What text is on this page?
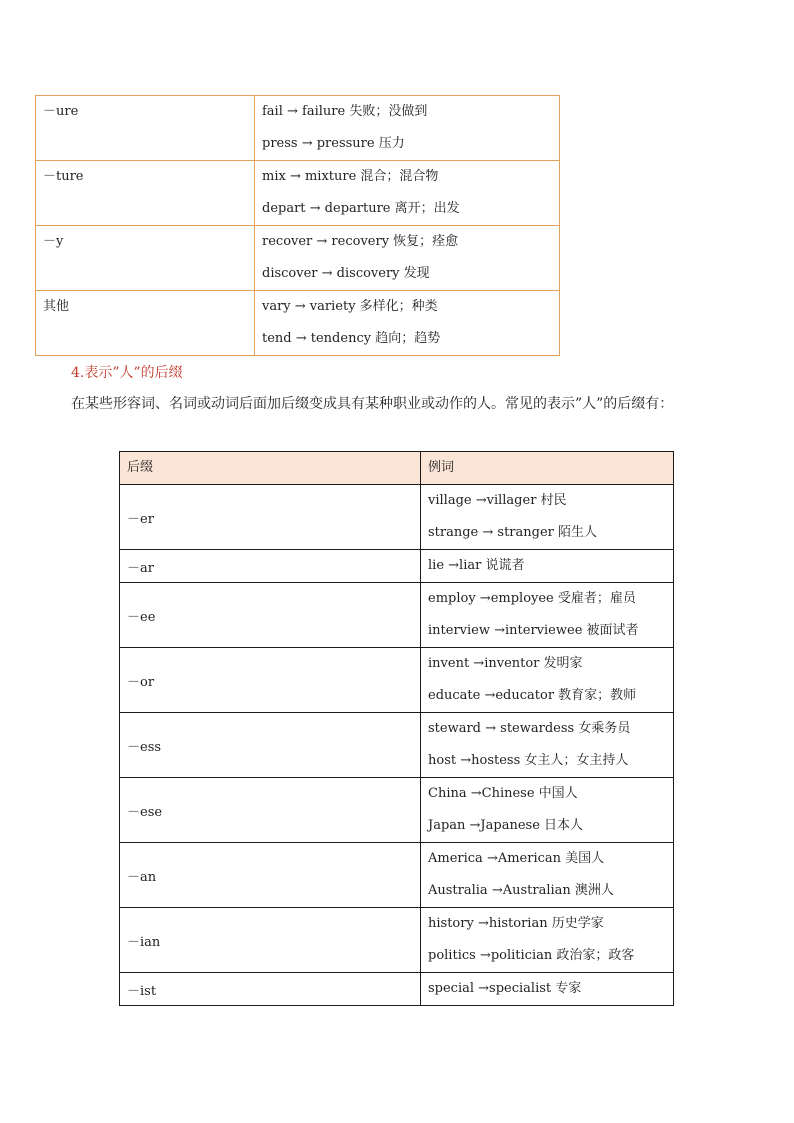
－ure	fail → failure 失败；没做到
press → pressure 压力

－ture	mix → mixture 混合；混合物
depart → departure 离开；出发

－y	recover → recovery 恢复；痊愈
discover → discovery 发现

其他	vary → variety 多样化；种类
tend → tendency 趋向；趋势
4.表示”人”的后缀
在某些形容词、名词或动词后面加后缀变成具有某种职业或动作的人。常见的表示”人”的后缀有：
后缀	例词
－er	village →villager 村民
strange → stranger 陌生人

－ar	lie →liar 说谎者

－ee	employ →employee 受雇者；雇员
interview →interviewee 被面试者

－or	invent →inventor 发明家
educate →educator 教育家；教师

－ess	steward → stewardess 女乘务员
host →hostess 女主人；女主持人

－ese	China →Chinese 中国人
Japan →Japanese 日本人

－an	America →American 美国人
Australia →Australian 澳洲人

－ian	history →historian 历史学家
politics →politician 政治家；政客

－ist	special →specialist 专家
